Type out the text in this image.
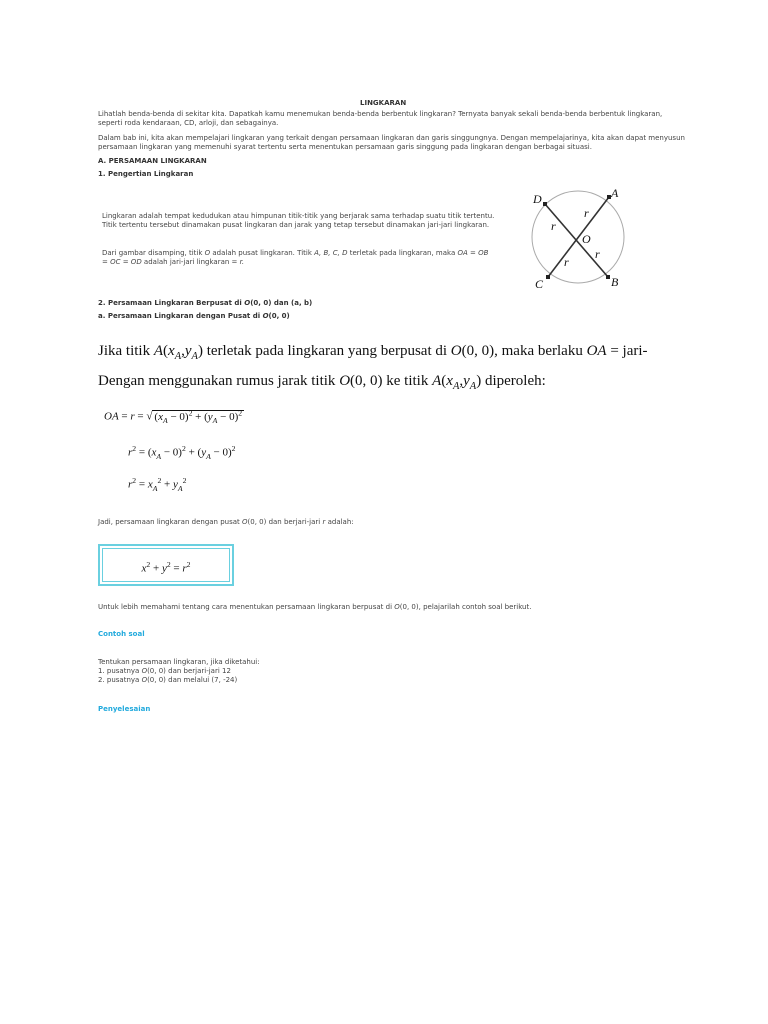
LINGKARAN
Lihatlah benda-benda di sekitar kita. Dapatkah kamu menemukan benda-benda berbentuk lingkaran? Ternyata banyak sekali benda-benda berbentuk lingkaran,
seperti roda kendaraan, CD, arloji, dan sebagainya.
Dalam bab ini, kita akan mempelajari lingkaran yang terkait dengan persamaan lingkaran dan garis singgungnya. Dengan mempelajarinya, kita akan dapat menyusun
persamaan lingkaran yang memenuhi syarat tertentu serta menentukan persamaan garis singgung pada lingkaran dengan berbagai situasi.
A. PERSAMAAN LINGKARAN
1. Pengertian Lingkaran
Lingkaran adalah tempat kedudukan atau himpunan titik-titik yang berjarak sama terhadap suatu titik tertentu.
Titik tertentu tersebut dinamakan pusat lingkaran dan jarak yang tetap tersebut dinamakan jari-jari lingkaran.
Dari gambar disamping, titik O adalah pusat lingkaran. Titik A, B, C, D terletak pada lingkaran, maka OA = OB
= OC = OD adalah jari-jari lingkaran = r.
D	A
C	B
O
r
r
r
r
2. Persamaan Lingkaran Berpusat di O(0, 0) dan (a, b)
a. Persamaan Lingkaran dengan Pusat di O(0, 0)
Jika titik $A(x_A,y_A)$ terletak pada lingkaran yang berpusat di O(0, 0), maka berlaku OA = jari-
Dengan menggunakan rumus jarak titik O(0, 0) ke titik $A(x_A,y_A)$ diperoleh:
OA = r = √ $(x_A - 0)^2 + (y_A - 0)^2$
$r^2 = (x_A - 0)^2 + (y_A - 0)^2$
$r^2 = x_A^2 + y_A^2$
Jadi, persamaan lingkaran dengan pusat O(0, 0) dan berjari-jari r adalah:
$x^2 + y^2 = r^2$
Untuk lebih memahami tentang cara menentukan persamaan lingkaran berpusat di O(0, 0), pelajarilah contoh soal berikut.
Contoh soal
Tentukan persamaan lingkaran, jika diketahui:
1. pusatnya O(0, 0) dan berjari-jari 12
2. pusatnya O(0, 0) dan melalui (7, -24)
Penyelesaian
